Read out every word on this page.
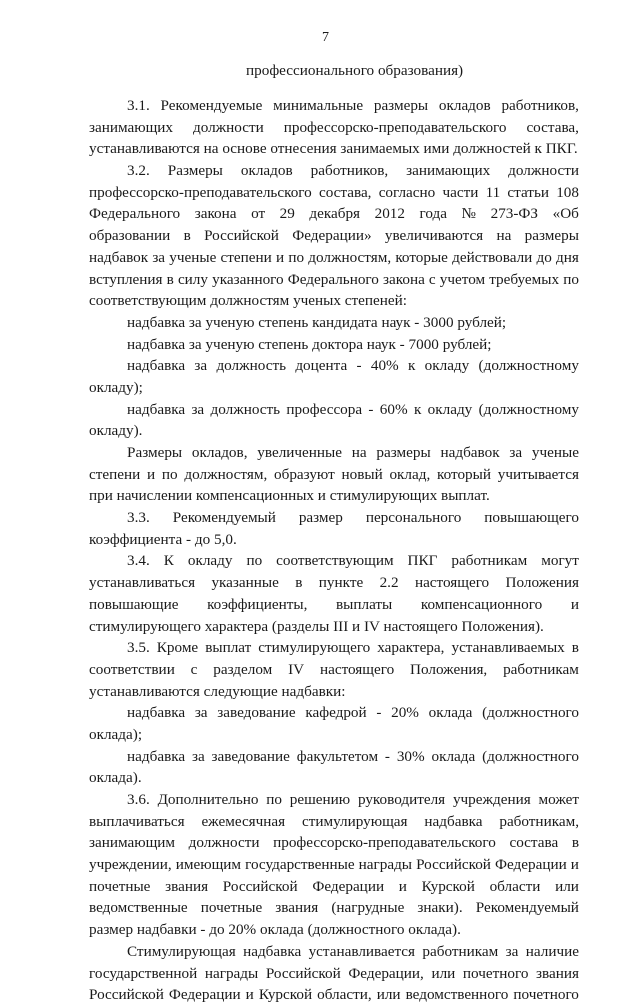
7
профессионального образования)
3.1. Рекомендуемые минимальные размеры окладов работников,
занимающих должности профессорско-преподавательского состава,
устанавливаются на основе отнесения занимаемых ими должностей к ПКГ.
3.2. Размеры окладов работников, занимающих должности
профессорско-преподавательского состава, согласно части 11 статьи 108
Федерального закона от 29 декабря 2012 года № 273-ФЗ «Об
образовании в Российской Федерации» увеличиваются на размеры
надбавок за ученые степени и по должностям, которые действовали до дня
вступления в силу указанного Федерального закона с учетом требуемых по
соответствующим должностям ученых степеней:
надбавка за ученую степень кандидата наук - 3000 рублей;
надбавка за ученую степень доктора наук - 7000 рублей;
надбавка за должность доцента - 40% к окладу (должностному
окладу);
надбавка за должность профессора - 60% к окладу (должностному
окладу).
Размеры окладов, увеличенные на размеры надбавок за ученые
степени и по должностям, образуют новый оклад, который учитывается
при начислении компенсационных и стимулирующих выплат.
3.3. Рекомендуемый размер персонального повышающего
коэффициента - до 5,0.
3.4. К окладу по соответствующим ПКГ работникам могут
устанавливаться указанные в пункте 2.2 настоящего Положения
повышающие коэффициенты, выплаты компенсационного и
стимулирующего характера (разделы III и IV настоящего Положения).
3.5. Кроме выплат стимулирующего характера, устанавливаемых в
соответствии с разделом IV настоящего Положения, работникам
устанавливаются следующие надбавки:
надбавка за заведование кафедрой - 20% оклада (должностного
оклада);
надбавка за заведование факультетом - 30% оклада (должностного
оклада).
3.6. Дополнительно по решению руководителя учреждения может
выплачиваться ежемесячная стимулирующая надбавка работникам,
занимающим должности профессорско-преподавательского состава в
учреждении, имеющим государственные награды Российской Федерации и
почетные звания Российской Федерации и Курской области или
ведомственные почетные звания (нагрудные знаки). Рекомендуемый
размер надбавки - до 20% оклада (должностного оклада).
Стимулирующая надбавка устанавливается работникам за наличие
государственной награды Российской Федерации, или почетного звания
Российской Федерации и Курской области, или ведомственного почетного
